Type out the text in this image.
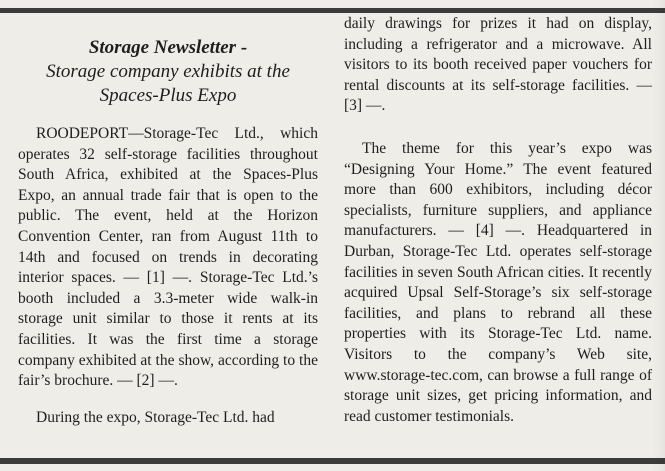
Storage Newsletter -
Storage company exhibits at the
Spaces-Plus Expo

ROODEPORT—Storage-Tec Ltd., which operates 32 self-storage facilities throughout South Africa, exhibited at the Spaces-Plus Expo, an annual trade fair that is open to the public. The event, held at the Horizon Convention Center, ran from August 11th to 14th and focused on trends in decorating interior spaces. — [1] —. Storage-Tec Ltd.’s booth included a 3.3-meter wide walk-in storage unit similar to those it rents at its facilities. It was the first time a storage company exhibited at the show, according to the fair’s brochure. — [2] —.

During the expo, Storage-Tec Ltd. had

daily drawings for prizes it had on display, including a refrigerator and a microwave. All visitors to its booth received paper vouchers for rental discounts at its self-storage facilities. — [3] —.

The theme for this year’s expo was “Designing Your Home.” The event featured more than 600 exhibitors, including décor specialists, furniture suppliers, and appliance manufacturers. — [4] —. Headquartered in Durban, Storage-Tec Ltd. operates self-storage facilities in seven South African cities. It recently acquired Upsal Self-Storage’s six self-storage facilities, and plans to rebrand all these properties with its Storage-Tec Ltd. name. Visitors to the company’s Web site, www.storage-tec.com, can browse a full range of storage unit sizes, get pricing information, and read customer testimonials.
